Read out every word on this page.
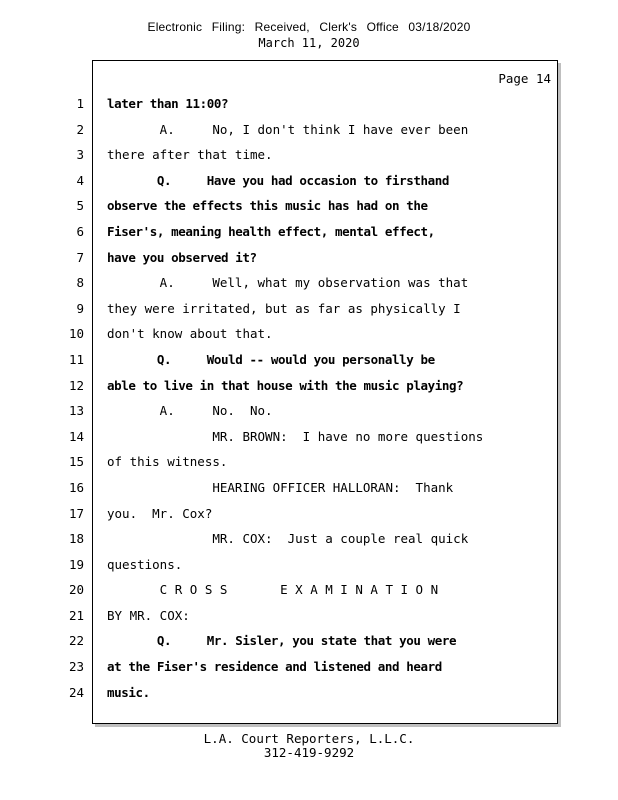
Electronic Filing: Received, Clerk's Office 03/18/2020
March 11, 2020
Page 14
1
2
3
4
5
6
7
8
9
10
11
12
13
14
15
16
17
18
19
20
21
22
23
24
later than 11:00?
A.     No, I don't think I have ever been
there after that time.
Q.     Have you had occasion to firsthand
observe the effects this music has had on the
Fiser's, meaning health effect, mental effect,
have you observed it?
A.     Well, what my observation was that
they were irritated, but as far as physically I
don't know about that.
Q.     Would -- would you personally be
able to live in that house with the music playing?
A.     No.  No.
MR. BROWN:  I have no more questions
of this witness.
HEARING OFFICER HALLORAN:  Thank
you.  Mr. Cox?
MR. COX:  Just a couple real quick
questions.
C R O S S       E X A M I N A T I O N
BY MR. COX:
Q.     Mr. Sisler, you state that you were
at the Fiser's residence and listened and heard
music.
L.A. Court Reporters, L.L.C.
312-419-9292
